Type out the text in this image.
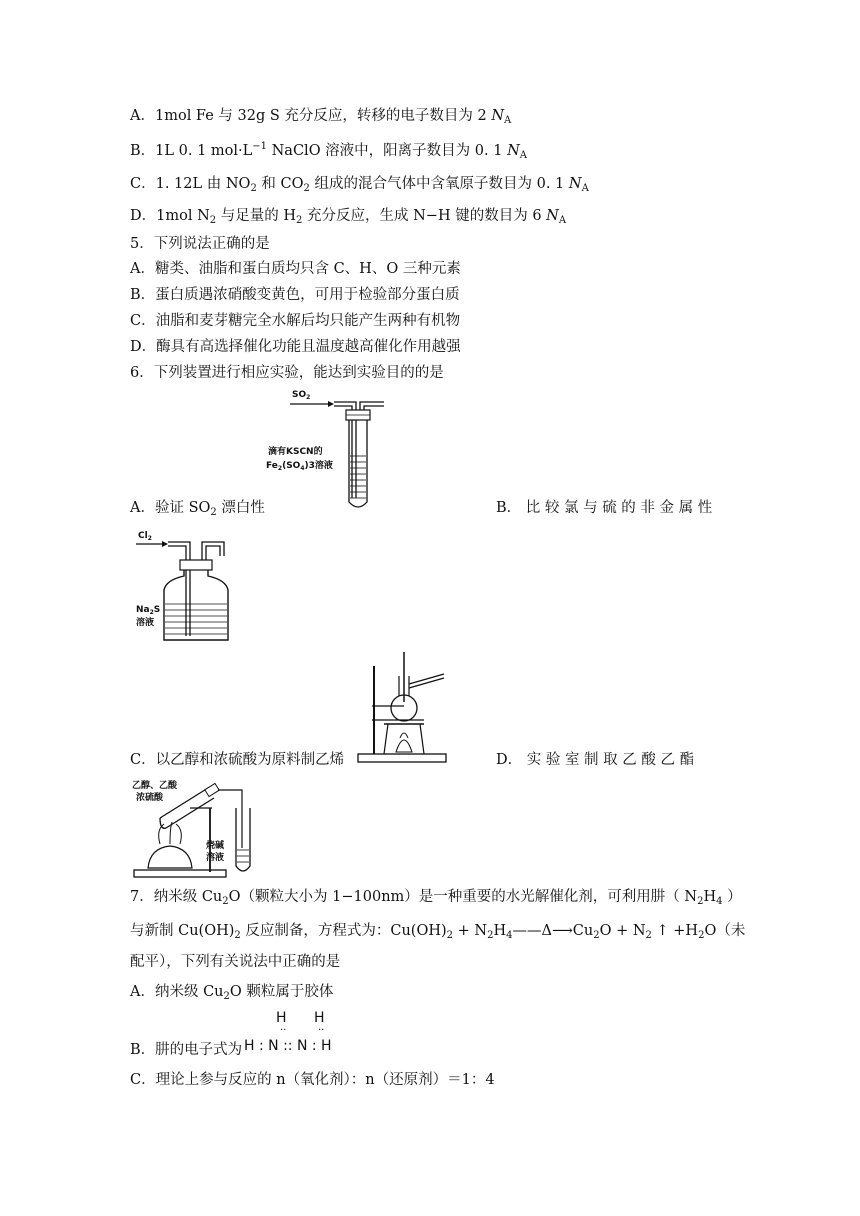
A．1mol Fe 与 32g S 充分反应，转移的电子数目为 2 $N_A$
B．1L 0. 1 $mol\cdot L^{-1}$ NaClO 溶液中，阳离子数目为 0. 1 $N_A$
C．1. 12L 由 $NO_2$ 和 $CO_2$ 组成的混合气体中含氧原子数目为 0. 1 $N_A$
D．1mol $N_2$ 与足量的 $H_2$ 充分反应，生成 N−H 键的数目为 6 $N_A$
5．下列说法正确的是
A．糖类、油脂和蛋白质均只含 C、H、O 三种元素
B．蛋白质遇浓硝酸变黄色，可用于检验部分蛋白质
C．油脂和麦芽糖完全水解后均只能产生两种有机物
D．酶具有高选择催化功能且温度越高催化作用越强
6．下列装置进行相应实验，能达到实验目的的是
$SO_2$
滴有KSCN的
$Fe_2(SO_4)3$溶液
A．验证 $SO_2$ 漂白性	B． 比 较 氯 与 硫 的 非 金 属 性
$Cl_2$
$Na_2S$
溶液
C．以乙醇和浓硫酸为原料制乙烯	D． 实 验 室 制 取 乙 酸 乙 酯
乙醇、乙酸
浓硫酸
烧碱
溶液
7．纳米级 $Cu_2O$（颗粒大小为 1−100nm）是一种重要的水光解催化剂，可利用肼（ $N_2H_4$ ）
与新制 $Cu(OH)_2$ 反应制备，方程式为：$Cu(OH)_2$ + $N_2H_4——\Delta⟶Cu_2O + N_2$ ↑ $+H_2O$（未
配平），下列有关说法中正确的是
A．纳米级 $Cu_2O$ 颗粒属于胶体
B．肼的电子式为
H H
··	··
H : N :: N : H
C．理论上参与反应的 n（氧化剂）：n（还原剂）＝1：4
